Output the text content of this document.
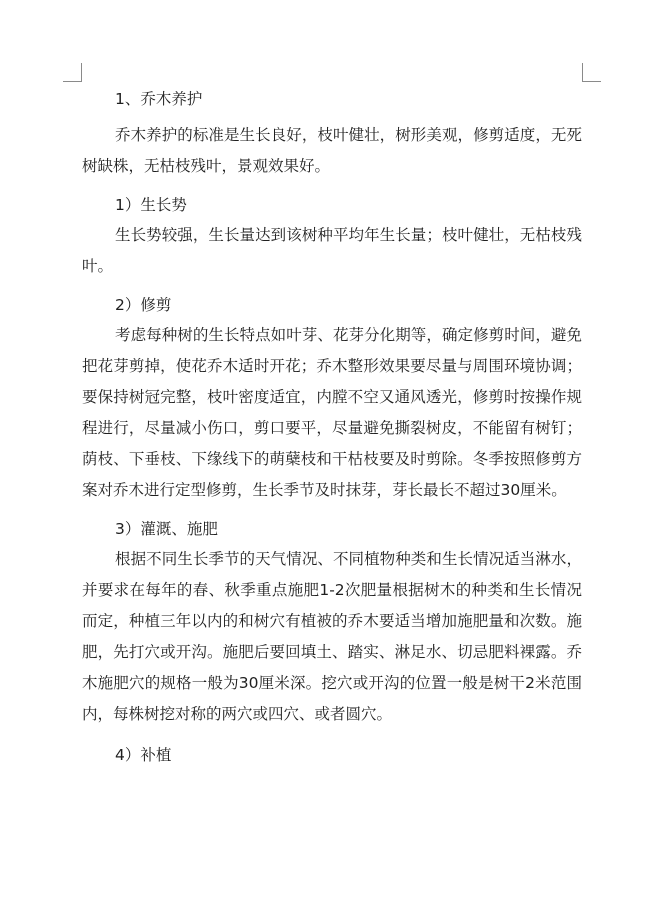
1、乔木养护

乔木养护的标准是生长良好，枝叶健壮，树形美观，修剪适度，无死树缺株，无枯枝残叶，景观效果好。

1）生长势

生长势较强，生长量达到该树种平均年生长量；枝叶健壮，无枯枝残叶。

2）修剪

考虑每种树的生长特点如叶芽、花芽分化期等，确定修剪时间，避免把花芽剪掉，使花乔木适时开花；乔木整形效果要尽量与周围环境协调；要保持树冠完整，枝叶密度适宜，内膛不空又通风透光，修剪时按操作规程进行，尽量减小伤口，剪口要平，尽量避免撕裂树皮，不能留有树钉；荫枝、下垂枝、下缘线下的萌蘖枝和干枯枝要及时剪除。冬季按照修剪方案对乔木进行定型修剪，生长季节及时抹芽，芽长最长不超过30厘米。

3）灌溉、施肥

根据不同生长季节的天气情况、不同植物种类和生长情况适当淋水，并要求在每年的春、秋季重点施肥1-2次肥量根据树木的种类和生长情况而定，种植三年以内的和树穴有植被的乔木要适当增加施肥量和次数。施肥，先打穴或开沟。施肥后要回填土、踏实、淋足水、切忌肥料裸露。乔木施肥穴的规格一般为30厘米深。挖穴或开沟的位置一般是树干2米范围内，每株树挖对称的两穴或四穴、或者圆穴。

4）补植
